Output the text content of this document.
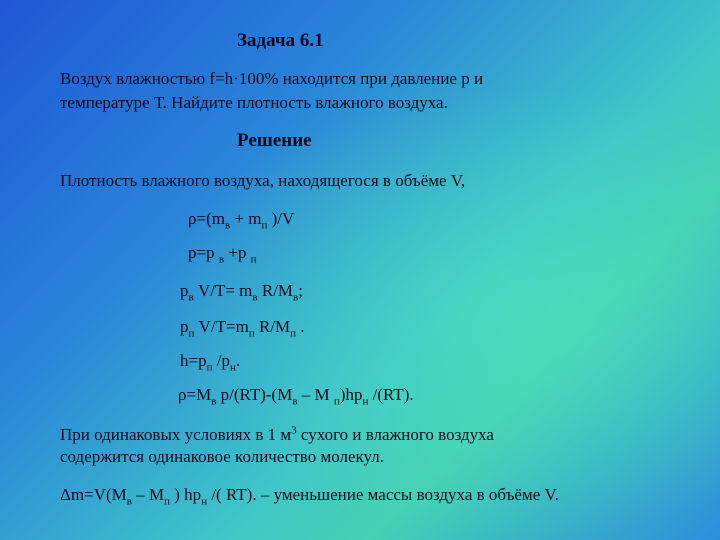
Задача 6.1

Воздух влажностью f=h·100% находится при давление р и

температуре Т. Найдите плотность влажного воздуха.

Решение

Плотность влажного воздуха, находящегося в объёме V,

$\rho=(m_в + m_п$ )/V

p=p $_в$ +p $_п$

$p_в$ $V/T= m_в$ $R/M_в$;

$p_п$ $V/T=m_п$ $R/M_п$ .

$h=p_п$ $/p_н$.

$\rho=M_в$ $p/(RT)-(M_в$ – M $_п)hp_н$ /(RT).

При одинаковых условиях в 1 $м^3$ сухого и влажного воздуха

содержится одинаковое количество молекул.

$\Delta m=V(M_в - M_п$ ) $hp_н$ /( RT). – уменьшение массы воздуха в объёме V.
